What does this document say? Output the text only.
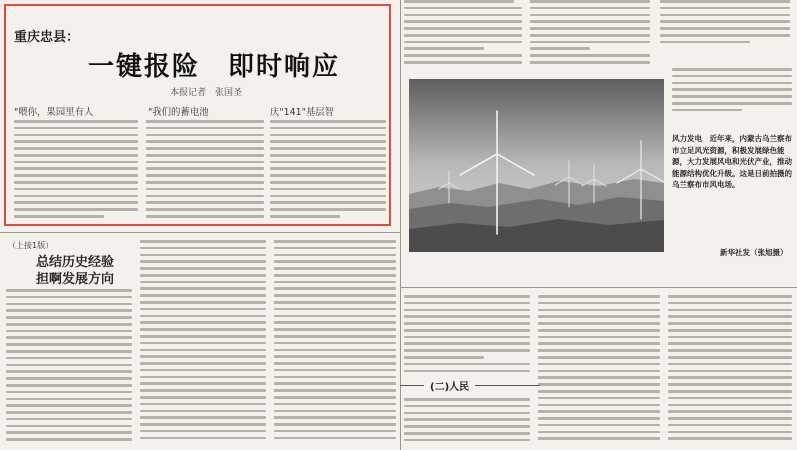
重庆忠县：
一键报险　即时响应
本报记者　张国圣
"喂你，果园里有人	"我们的蓄电池	庆"141"基层智
风力发电　近年来，内蒙古乌兰察布市立足风光资源，积极发展绿色能源，大力发展风电和光伏产业，推动能源结构优化升级。这是日前拍摄的乌兰察布市风电场。
新华社发（张旭摄）
（上接1版）
总结历史经验
担啊发展方向
(二)人民
